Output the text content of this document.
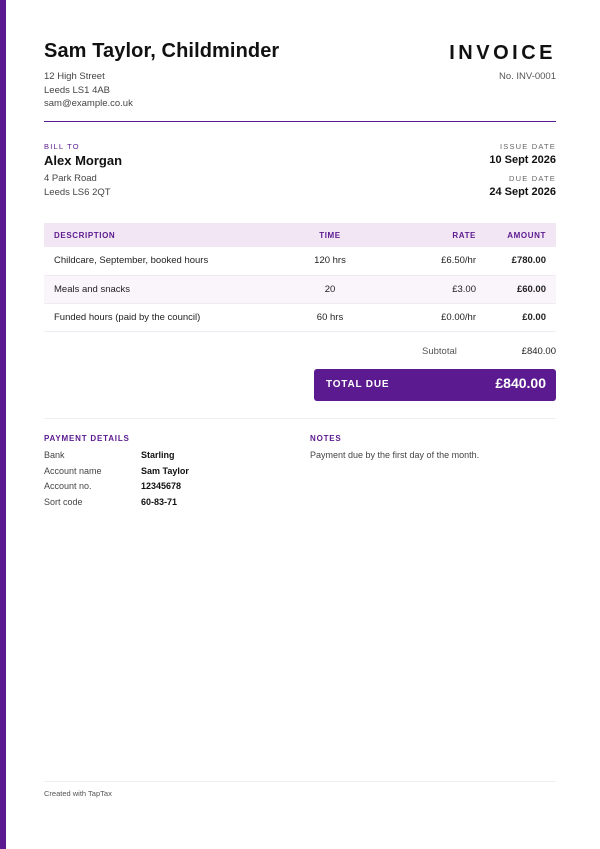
Sam Taylor, Childminder
12 High Street
Leeds LS1 4AB
sam@example.co.uk
INVOICE
No. INV-0001
BILL TO
Alex Morgan
4 Park Road
Leeds LS6 2QT
ISSUE DATE
10 Sept 2026
DUE DATE
24 Sept 2026
DESCRIPTION	TIME	RATE	AMOUNT
Childcare, September, booked hours	120 hrs	£6.50/hr	£780.00
Meals and snacks	20	£3.00	£60.00
Funded hours (paid by the council)	60 hrs	£0.00/hr	£0.00
Subtotal	£840.00
TOTAL DUE	£840.00
PAYMENT DETAILS
Bank	Starling
Account name	Sam Taylor
Account no.	12345678
Sort code	60-83-71
NOTES
Payment due by the first day of the month.
Created with TapTax
